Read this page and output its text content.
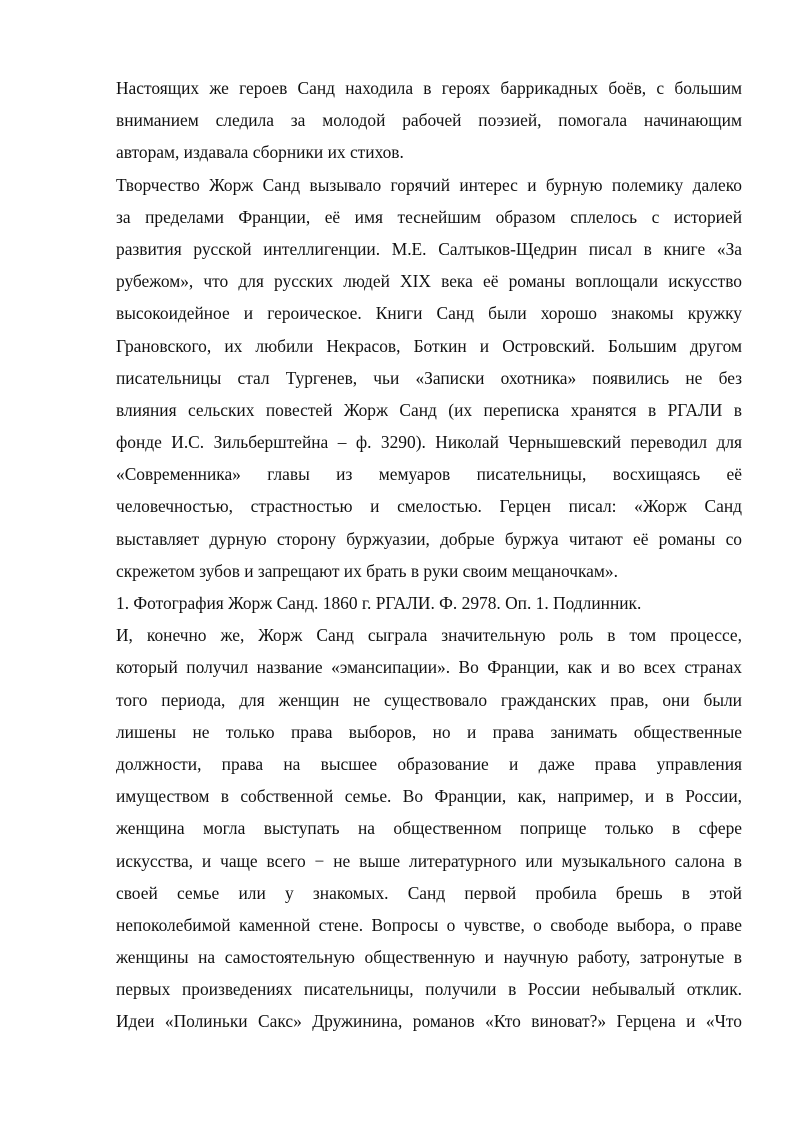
Настоящих же героев Санд находила в героях баррикадных боёв, с большим
вниманием следила за молодой рабочей поэзией, помогала начинающим
авторам, издавала сборники их стихов.
Творчество Жорж Санд вызывало горячий интерес и бурную полемику далеко
за пределами Франции, её имя теснейшим образом сплелось с историей
развития русской интеллигенции. М.Е. Салтыков-Щедрин писал в книге «За
рубежом», что для русских людей XIX века её романы воплощали искусство
высокоидейное и героическое. Книги Санд были хорошо знакомы кружку
Грановского, их любили Некрасов, Боткин и Островский. Большим другом
писательницы стал Тургенев, чьи «Записки охотника» появились не без
влияния сельских повестей Жорж Санд (их переписка хранятся в РГАЛИ в
фонде И.С. Зильберштейна – ф. 3290). Николай Чернышевский переводил для
«Современника» главы из мемуаров писательницы, восхищаясь её
человечностью, страстностью и смелостью. Герцен писал: «Жорж Санд
выставляет дурную сторону буржуазии, добрые буржуа читают её романы со
скрежетом зубов и запрещают их брать в руки своим мещаночкам».
1. Фотография Жорж Санд. 1860 г. РГАЛИ. Ф. 2978. Оп. 1. Подлинник.
И, конечно же, Жорж Санд сыграла значительную роль в том процессе,
который получил название «эмансипации». Во Франции, как и во всех странах
того периода, для женщин не существовало гражданских прав, они были
лишены не только права выборов, но и права занимать общественные
должности, права на высшее образование и даже права управления
имуществом в собственной семье. Во Франции, как, например, и в России,
женщина могла выступать на общественном поприще только в сфере
искусства, и чаще всего − не выше литературного или музыкального салона в
своей семье или у знакомых. Санд первой пробила брешь в этой
непоколебимой каменной стене. Вопросы о чувстве, о свободе выбора, о праве
женщины на самостоятельную общественную и научную работу, затронутые в
первых произведениях писательницы, получили в России небывалый отклик.
Идеи «Полиньки Сакс» Дружинина, романов «Кто виноват?» Герцена и «Что
